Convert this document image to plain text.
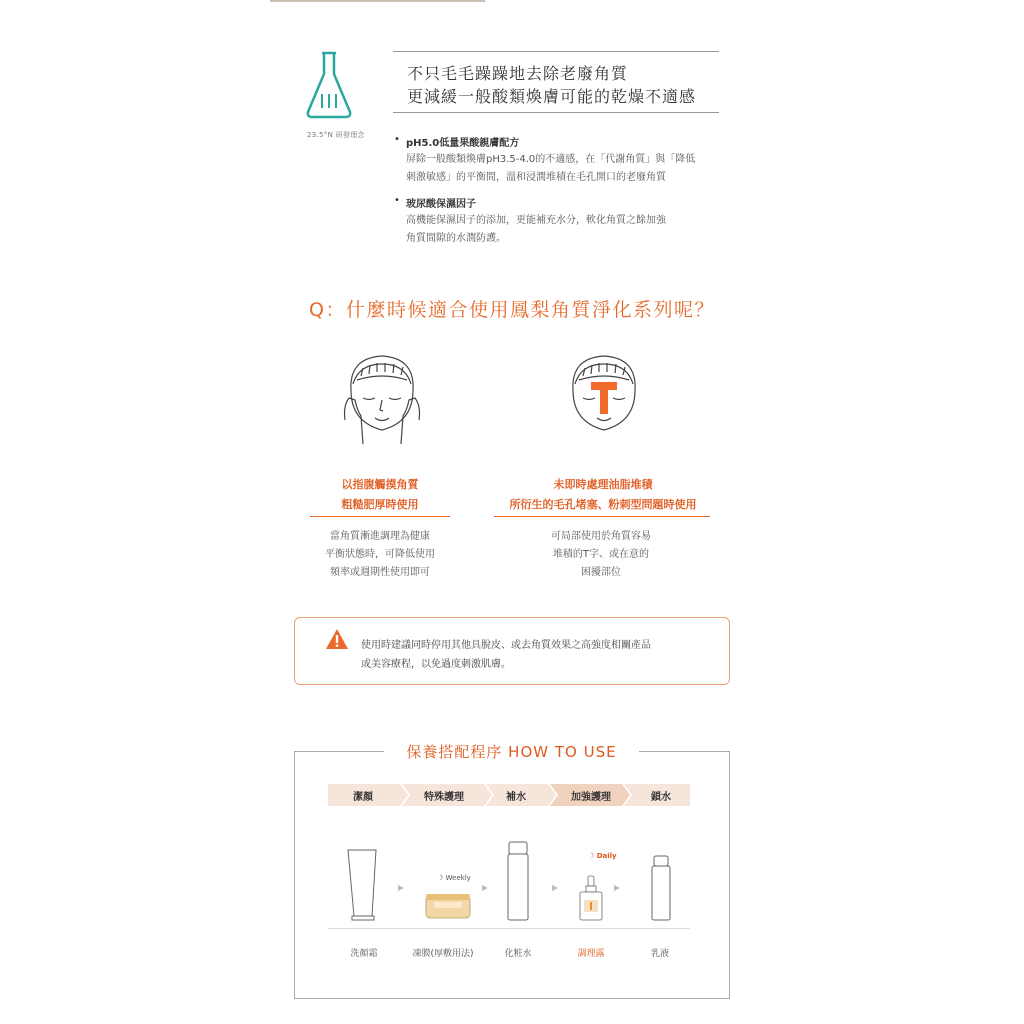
23.5°N 研發理念
不只毛毛躁躁地去除老廢角質
更減緩一般酸類煥膚可能的乾燥不適感
• pH5.0低量果酸親膚配方
屏除一般酸類煥膚pH3.5-4.0的不適感，在「代謝角質」與「降低
刺激敏感」的平衡間，溫和浸潤堆積在毛孔開口的老廢角質
• 玻尿酸保濕因子
高機能保濕因子的添加，更能補充水分，軟化角質之餘加強
角質間隙的水潤防護。
Q：什麼時候適合使用鳳梨角質淨化系列呢？
以指腹觸摸角質
粗糙肥厚時使用
未即時處理油脂堆積
所衍生的毛孔堵塞、粉刺型問題時使用
當角質漸進調理為健康
平衡狀態時，可降低使用
頻率或週期性使用即可
可局部使用於角質容易
堆積的T字、或在意的
困擾部位
使用時建議同時停用其他具脫皮、或去角質效果之高強度相關產品
或美容療程，以免過度刺激肌膚。
保養搭配程序 HOW TO USE
潔顏	特殊護理	補水	加強護理	鎖水
☽ Weekly
☽ Daily
洗顏霜	凍膜(厚敷用法)	化粧水	調理露	乳液
